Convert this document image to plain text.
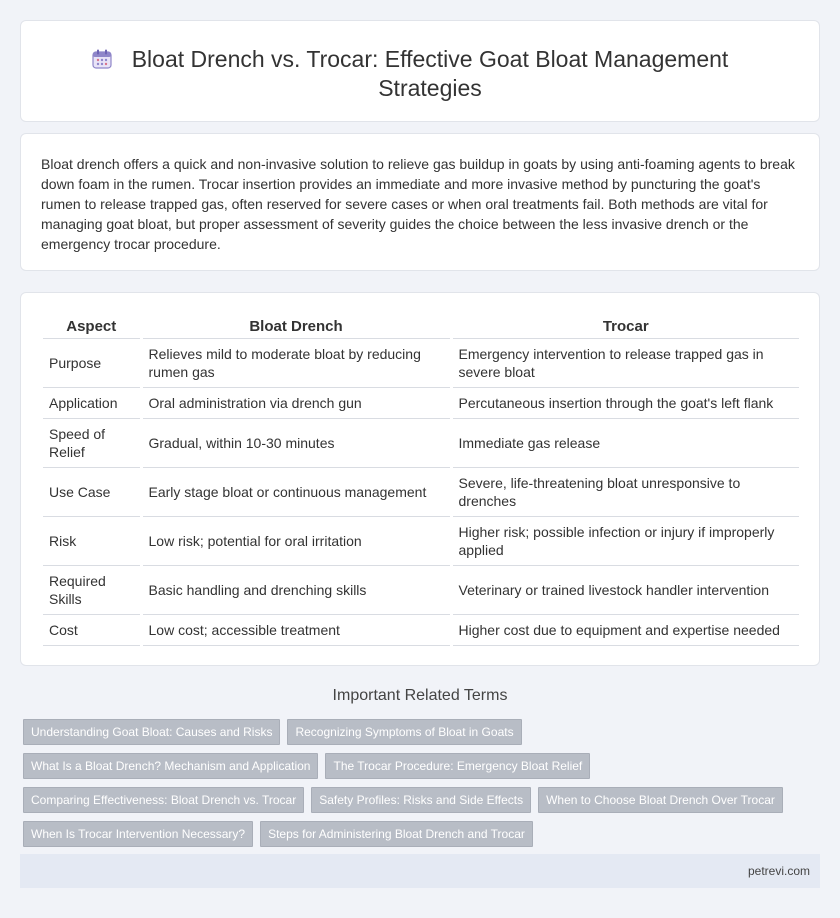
Bloat Drench vs. Trocar: Effective Goat Bloat Management Strategies

Bloat drench offers a quick and non-invasive solution to relieve gas buildup in goats by using anti-foaming agents to break down foam in the rumen. Trocar insertion provides an immediate and more invasive method by puncturing the goat's rumen to release trapped gas, often reserved for severe cases or when oral treatments fail. Both methods are vital for managing goat bloat, but proper assessment of severity guides the choice between the less invasive drench or the emergency trocar procedure.

Aspect	Bloat Drench	Trocar
Purpose	Relieves mild to moderate bloat by reducing rumen gas	Emergency intervention to release trapped gas in severe bloat
Application	Oral administration via drench gun	Percutaneous insertion through the goat's left flank
Speed of Relief	Gradual, within 10-30 minutes	Immediate gas release
Use Case	Early stage bloat or continuous management	Severe, life-threatening bloat unresponsive to drenches
Risk	Low risk; potential for oral irritation	Higher risk; possible infection or injury if improperly applied
Required Skills	Basic handling and drenching skills	Veterinary or trained livestock handler intervention
Cost	Low cost; accessible treatment	Higher cost due to equipment and expertise needed
Important Related Terms
Understanding Goat Bloat: Causes and Risks	Recognizing Symptoms of Bloat in Goats
What Is a Bloat Drench? Mechanism and Application	The Trocar Procedure: Emergency Bloat Relief
Comparing Effectiveness: Bloat Drench vs. Trocar	Safety Profiles: Risks and Side Effects	When to Choose Bloat Drench Over Trocar
When Is Trocar Intervention Necessary?	Steps for Administering Bloat Drench and Trocar
petrevi.com
